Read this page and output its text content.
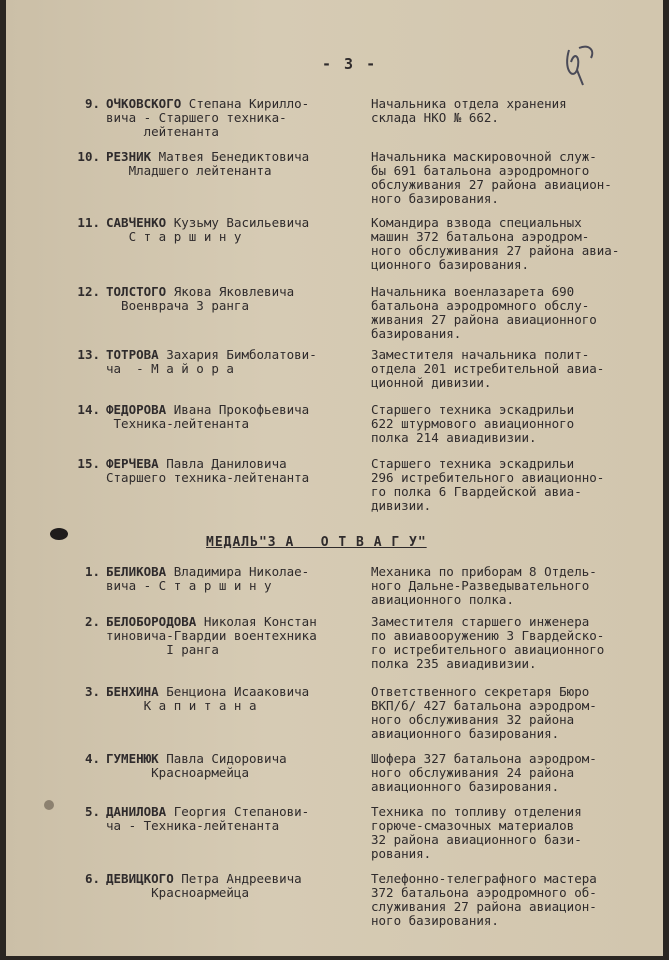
- 3 -
МЕДАЛЬ"З А   О Т В А Г У"
9. ОЧКОВСКОГО Степана Кирилло-
вича - Старшего техника-
лейтенанта
Начальника отдела хранения
склада НКО № 662.
10. РЕЗНИК Матвея Бенедиктовича
Младшего лейтенанта
Начальника маскировочной служ-
бы 691 батальона аэродромного
обслуживания 27 района авиацион-
ного базирования.
11. САВЧЕНКО Кузьму Васильевича
С т а р ш и н у
Командира взвода специальных
машин 372 батальона аэродром-
ного обслуживания 27 района авиа-
ционного базирования.
12. ТОЛСТОГО Якова Яковлевича
Военврача 3 ранга
Начальника военлазарета 690
батальона аэродромного обслу-
живания 27 района авиационного
базирования.
13. ТОТРОВА Захария Бимболатови-
ча  - М а й о р а
Заместителя начальника полит-
отдела 201 истребительной авиа-
ционной дивизии.
14. ФЕДОРОВА Ивана Прокофьевича
Техника-лейтенанта
Старшего техника эскадрильи
622 штурмового авиационного
полка 214 авиадивизии.
15. ФЕРЧЕВА Павла Даниловича
Старшего техника-лейтенанта
Старшего техника эскадрильи
296 истребительного авиационно-
го полка 6 Гвардейской авиа-
дивизии.
1. БЕЛИКОВА Владимира Николае-
вича - С т а р ш и н у
Механика по приборам 8 Отдель-
ного Дальне-Разведывательного
авиационного полка.
2. БЕЛОБОРОДОВА Николая Констан
тиновича-Гвардии воентехника
I ранга
Заместителя старшего инженера
по авиавооружению 3 Гвардейско-
го истребительного авиационного
полка 235 авиадивизии.
3. БЕНХИНА Бенциона Исааковича
К а п и т а н а
Ответственного секретаря Бюро
ВКП/б/ 427 батальона аэродром-
ного обслуживания 32 района
авиационного базирования.
4. ГУМЕНЮК Павла Сидоровича
Красноармейца
Шофера 327 батальона аэродром-
ного обслуживания 24 района
авиационного базирования.
5. ДАНИЛОВА Георгия Степанови-
ча - Техника-лейтенанта
Техника по топливу отделения
горюче-смазочных материалов
32 района авиационного бази-
рования.
6. ДЕВИЦКОГО Петра Андреевича
Красноармейца
Телефонно-телеграфного мастера
372 батальона аэродромного об-
служивания 27 района авиацион-
ного базирования.
